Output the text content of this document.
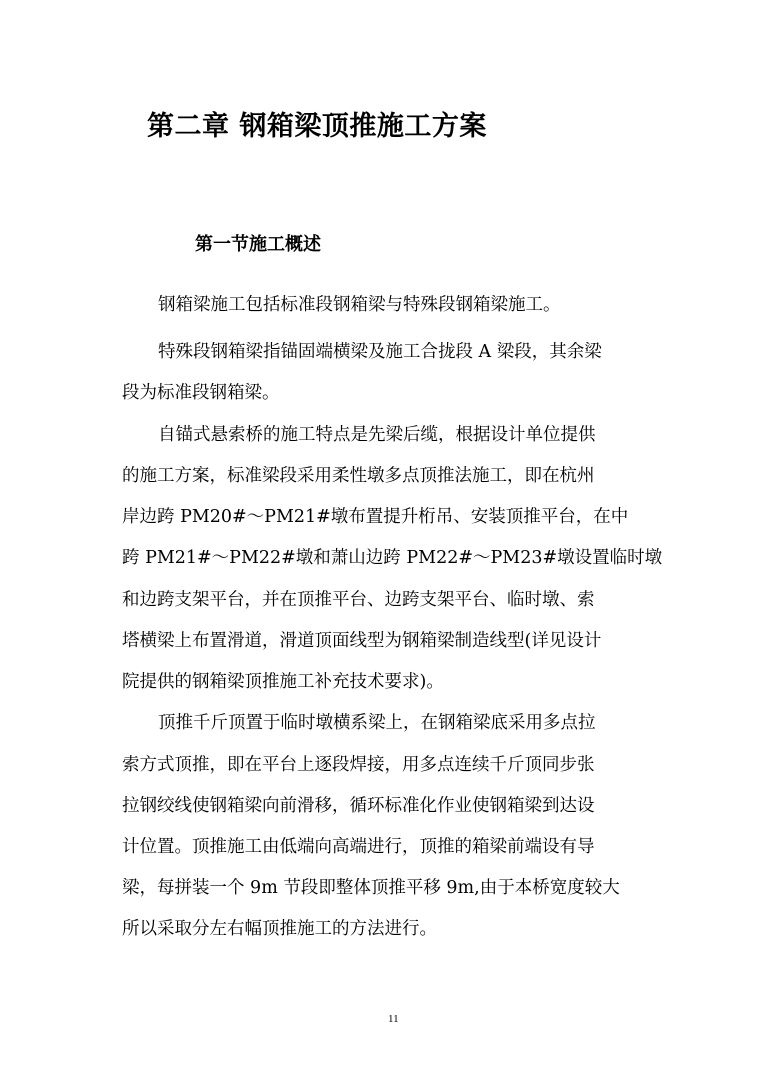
第二章 钢箱梁顶推施工方案
第一节施工概述
钢箱梁施工包括标准段钢箱梁与特殊段钢箱梁施工。
特殊段钢箱梁指锚固端横梁及施工合拢段 A 梁段，其余梁
段为标准段钢箱梁。
自锚式悬索桥的施工特点是先梁后缆，根据设计单位提供
的施工方案，标准梁段采用柔性墩多点顶推法施工，即在杭州
岸边跨 PM20#～PM21#墩布置提升桁吊、安装顶推平台，在中
跨 PM21#～PM22#墩和萧山边跨 PM22#～PM23#墩设置临时墩
和边跨支架平台，并在顶推平台、边跨支架平台、临时墩、索
塔横梁上布置滑道，滑道顶面线型为钢箱梁制造线型(详见设计
院提供的钢箱梁顶推施工补充技术要求)。
顶推千斤顶置于临时墩横系梁上，在钢箱梁底采用多点拉
索方式顶推，即在平台上逐段焊接，用多点连续千斤顶同步张
拉钢绞线使钢箱梁向前滑移，循环标准化作业使钢箱梁到达设
计位置。顶推施工由低端向高端进行，顶推的箱梁前端设有导
梁，每拼装一个 9m 节段即整体顶推平移 9m,由于本桥宽度较大
所以采取分左右幅顶推施工的方法进行。
11
